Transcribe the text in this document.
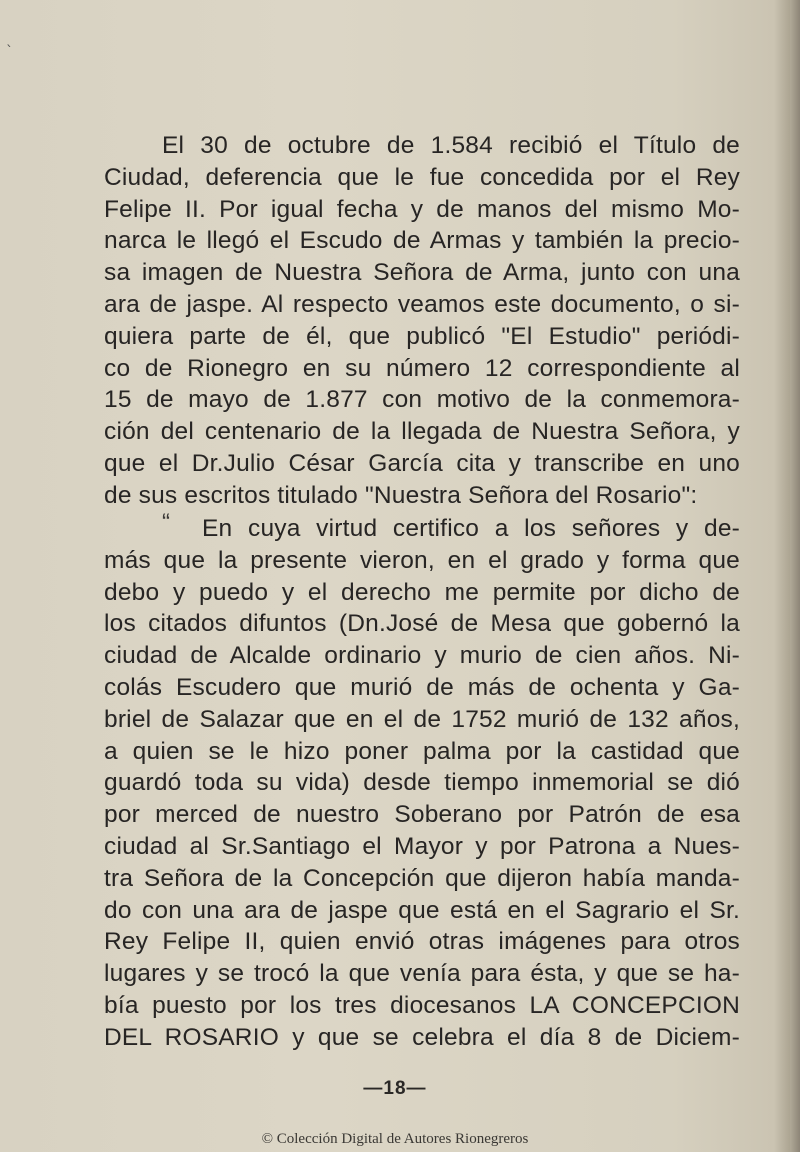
`
El 30 de octubre de 1.584 recibió el Título de
Ciudad, deferencia que le fue concedida por el Rey
Felipe II. Por igual fecha y de manos del mismo Mo-
narca le llegó el Escudo de Armas y también la precio-
sa imagen de Nuestra Señora de Arma, junto con una
ara de jaspe. Al respecto veamos este documento, o si-
quiera parte de él, que publicó "El Estudio" periódi-
co de Rionegro en su número 12 correspondiente al
15 de mayo de 1.877 con motivo de la conmemora-
ción del centenario de la llegada de Nuestra Señora, y
que el Dr.Julio César García cita y transcribe en uno
de sus escritos titulado "Nuestra Señora del Rosario":
“ En cuya virtud certifico a los señores y de-
más que la presente vieron, en el grado y forma que
debo y puedo y el derecho me permite por dicho de
los citados difuntos (Dn.José de Mesa que gobernó la
ciudad de Alcalde ordinario y murio de cien años. Ni-
colás Escudero que murió de más de ochenta y Ga-
briel de Salazar que en el de 1752 murió de 132 años,
a quien se le hizo poner palma por la castidad que
guardó toda su vida) desde tiempo inmemorial se dió
por merced de nuestro Soberano por Patrón de esa
ciudad al Sr.Santiago el Mayor y por Patrona a Nues-
tra Señora de la Concepción que dijeron había manda-
do con una ara de jaspe que está en el Sagrario el Sr.
Rey Felipe II, quien envió otras imágenes para otros
lugares y se trocó la que venía para ésta, y que se ha-
bía puesto por los tres diocesanos LA CONCEPCION
DEL ROSARIO y que se celebra el día 8 de Diciem-
—18—
© Colección Digital de Autores Rionegreros
